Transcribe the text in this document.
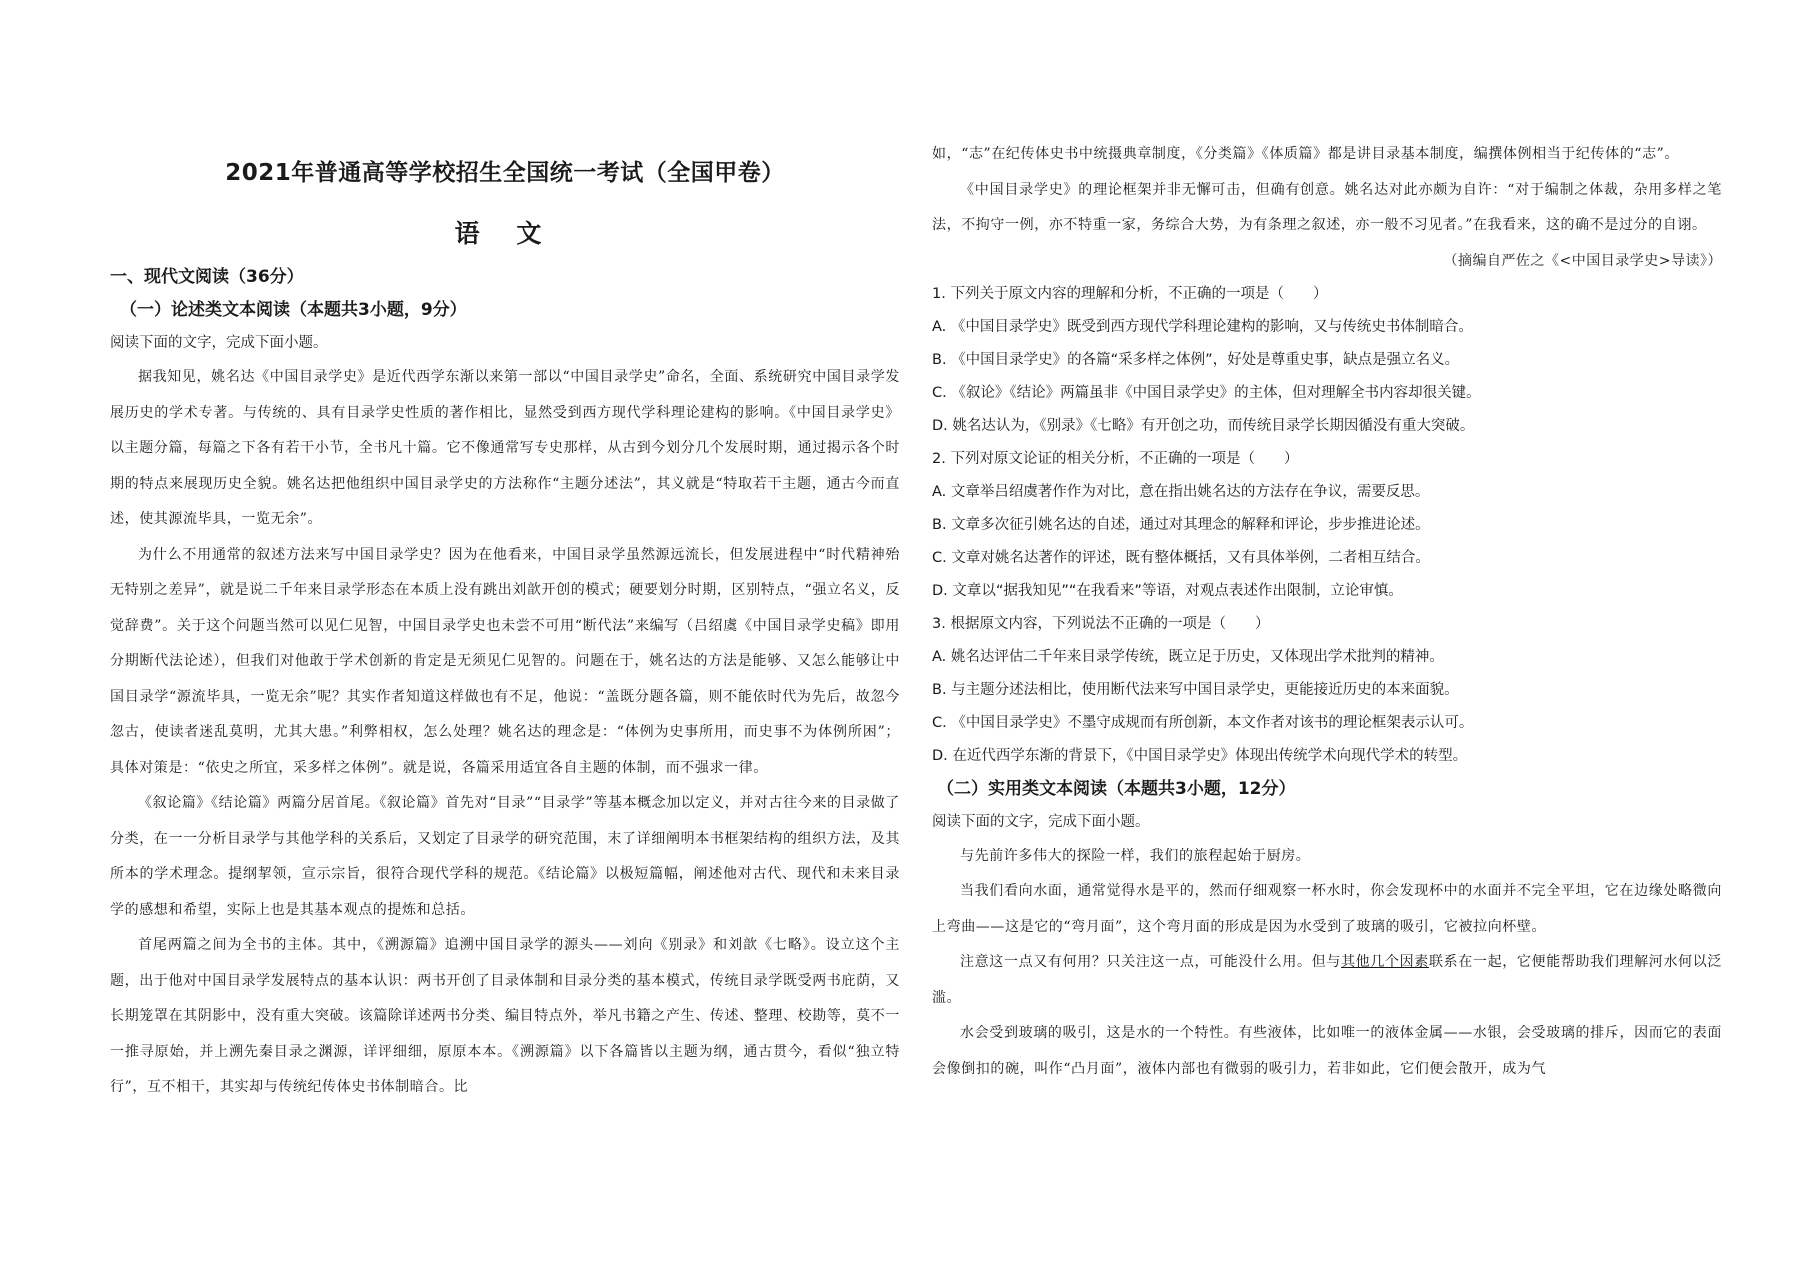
2021年普通高等学校招生全国统一考试（全国甲卷）
语 文

一、现代文阅读（36分）

（一）论述类文本阅读（本题共3小题，9分）

阅读下面的文字，完成下面小题。

据我知见，姚名达《中国目录学史》是近代西学东渐以来第一部以“中国目录学史”命名，全面、系统研究中国目录学发展历史的学术专著。与传统的、具有目录学史性质的著作相比，显然受到西方现代学科理论建构的影响。《中国目录学史》以主题分篇，每篇之下各有若干小节，全书凡十篇。它不像通常写专史那样，从古到今划分几个发展时期，通过揭示各个时期的特点来展现历史全貌。姚名达把他组织中国目录学史的方法称作“主题分述法”，其义就是“特取若干主题，通古今而直述，使其源流毕具，一览无余”。

为什么不用通常的叙述方法来写中国目录学史？因为在他看来，中国目录学虽然源远流长，但发展进程中“时代精神殆无特别之差异”，就是说二千年来目录学形态在本质上没有跳出刘歆开创的模式；硬要划分时期，区别特点，“强立名义，反觉辞费”。关于这个问题当然可以见仁见智，中国目录学史也未尝不可用“断代法”来编写（吕绍虞《中国目录学史稿》即用分期断代法论述），但我们对他敢于学术创新的肯定是无须见仁见智的。问题在于，姚名达的方法是能够、又怎么能够让中国目录学“源流毕具，一览无余”呢？其实作者知道这样做也有不足，他说：“盖既分题各篇，则不能依时代为先后，故忽今忽古，使读者迷乱莫明，尤其大患。”利弊相权，怎么处理？姚名达的理念是：“体例为史事所用，而史事不为体例所困”；具体对策是：“依史之所宜，采多样之体例”。就是说，各篇采用适宜各自主题的体制，而不强求一律。

《叙论篇》《结论篇》两篇分居首尾。《叙论篇》首先对“目录”“目录学”等基本概念加以定义，并对古往今来的目录做了分类，在一一分析目录学与其他学科的关系后，又划定了目录学的研究范围，末了详细阐明本书框架结构的组织方法，及其所本的学术理念。提纲挈领，宣示宗旨，很符合现代学科的规范。《结论篇》以极短篇幅，阐述他对古代、现代和未来目录学的感想和希望，实际上也是其基本观点的提炼和总括。

首尾两篇之间为全书的主体。其中，《溯源篇》追溯中国目录学的源头——刘向《别录》和刘歆《七略》。设立这个主题，出于他对中国目录学发展特点的基本认识：两书开创了目录体制和目录分类的基本模式，传统目录学既受两书庇荫，又长期笼罩在其阴影中，没有重大突破。该篇除详述两书分类、编目特点外，举凡书籍之产生、传述、整理、校勘等，莫不一一推寻原始，并上溯先秦目录之渊源，详评细细，原原本本。《溯源篇》以下各篇皆以主题为纲，通古贯今，看似“独立特行”，互不相干，其实却与传统纪传体史书体制暗合。比

如，“志”在纪传体史书中统摄典章制度，《分类篇》《体质篇》都是讲目录基本制度，编撰体例相当于纪传体的“志”。

《中国目录学史》的理论框架并非无懈可击，但确有创意。姚名达对此亦颇为自许：“对于编制之体裁，杂用多样之笔法，不拘守一例，亦不特重一家，务综合大势，为有条理之叙述，亦一般不习见者。”在我看来，这的确不是过分的自诩。

（摘编自严佐之《<中国目录学史>导读》）

1. 下列关于原文内容的理解和分析，不正确的一项是（　　）

A. 《中国目录学史》既受到西方现代学科理论建构的影响，又与传统史书体制暗合。

B. 《中国目录学史》的各篇“采多样之体例”，好处是尊重史事，缺点是强立名义。

C. 《叙论》《结论》两篇虽非《中国目录学史》的主体，但对理解全书内容却很关键。

D. 姚名达认为，《别录》《七略》有开创之功，而传统目录学长期因循没有重大突破。

2. 下列对原文论证的相关分析，不正确的一项是（　　）

A. 文章举吕绍虞著作作为对比，意在指出姚名达的方法存在争议，需要反思。

B. 文章多次征引姚名达的自述，通过对其理念的解释和评论，步步推进论述。

C. 文章对姚名达著作的评述，既有整体概括，又有具体举例，二者相互结合。

D. 文章以“据我知见”“在我看来”等语，对观点表述作出限制，立论审慎。

3. 根据原文内容，下列说法不正确的一项是（　　）

A. 姚名达评估二千年来目录学传统，既立足于历史，又体现出学术批判的精神。

B. 与主题分述法相比，使用断代法来写中国目录学史，更能接近历史的本来面貌。

C. 《中国目录学史》不墨守成规而有所创新，本文作者对该书的理论框架表示认可。

D. 在近代西学东渐的背景下，《中国目录学史》体现出传统学术向现代学术的转型。

（二）实用类文本阅读（本题共3小题，12分）

阅读下面的文字，完成下面小题。

与先前许多伟大的探险一样，我们的旅程起始于厨房。

当我们看向水面，通常觉得水是平的，然而仔细观察一杯水时，你会发现杯中的水面并不完全平坦，它在边缘处略微向上弯曲——这是它的“弯月面”，这个弯月面的形成是因为水受到了玻璃的吸引，它被拉向杯壁。

注意这一点又有何用？只关注这一点，可能没什么用。但与其他几个因素联系在一起，它便能帮助我们理解河水何以泛滥。

水会受到玻璃的吸引，这是水的一个特性。有些液体，比如唯一的液体金属——水银，会受玻璃的排斥，因而它的表面会像倒扣的碗，叫作“凸月面”，液体内部也有微弱的吸引力，若非如此，它们便会散开，成为气
